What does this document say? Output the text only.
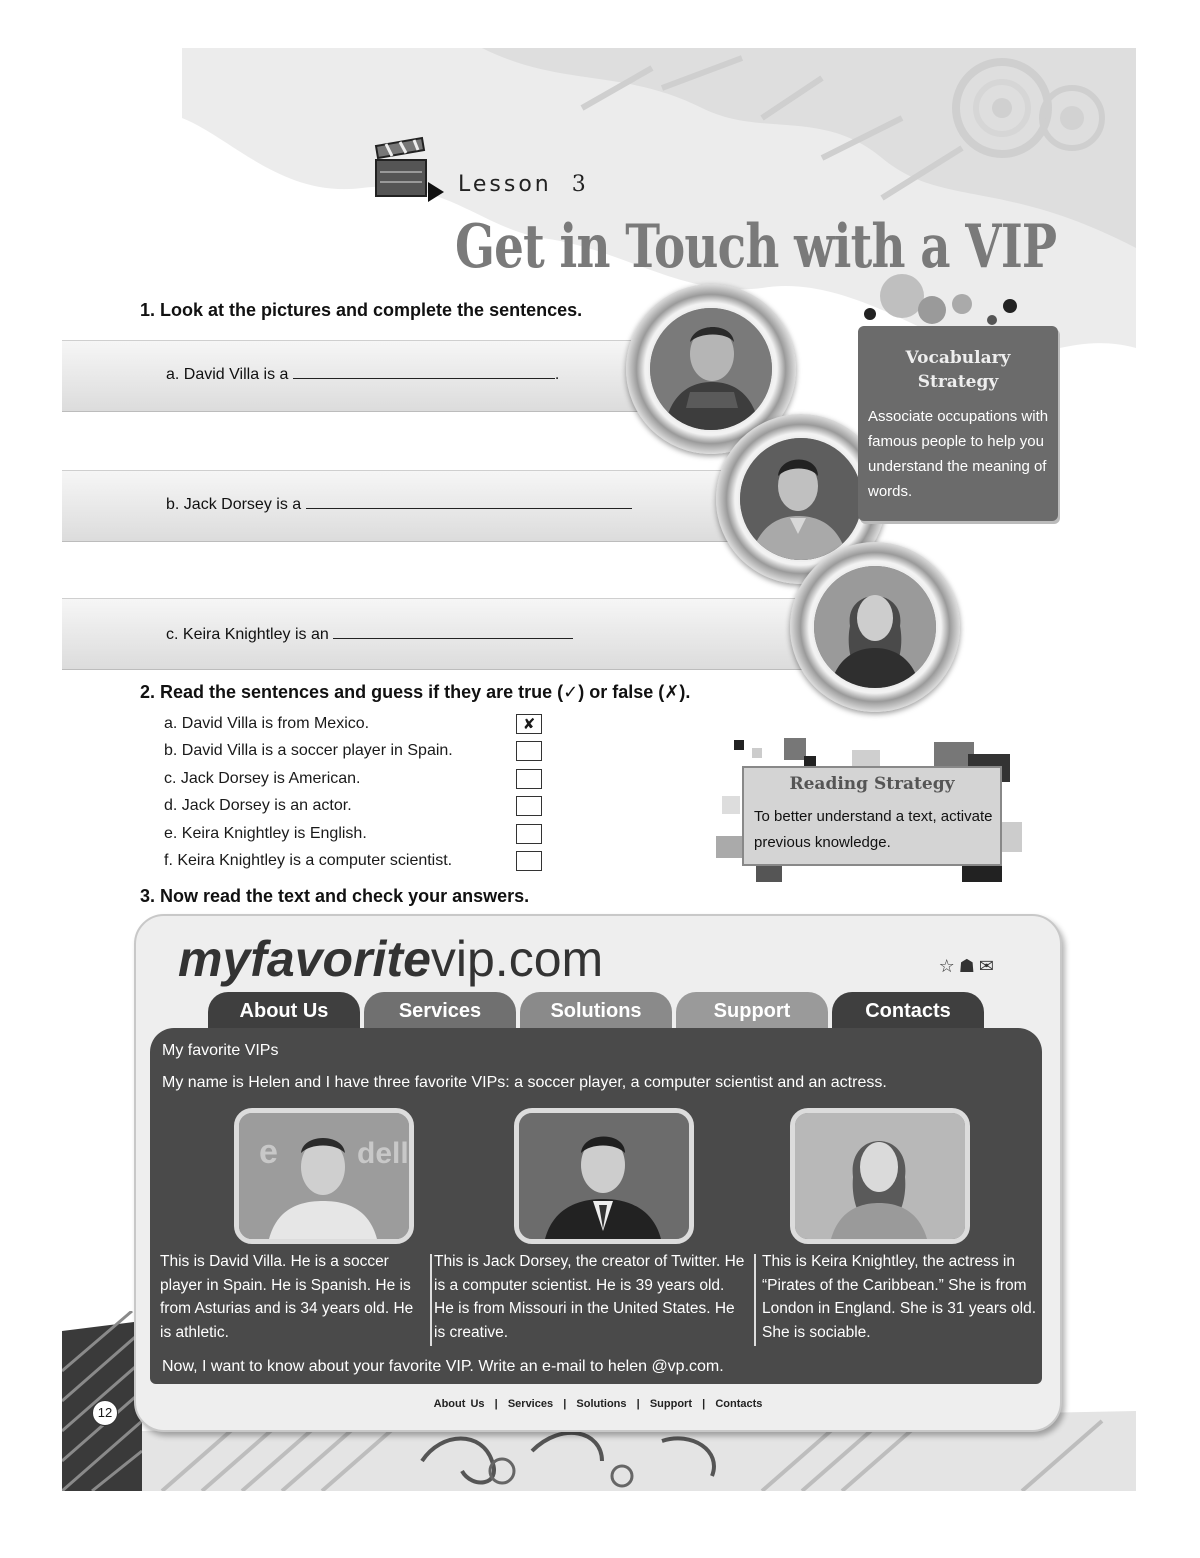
Lesson 3
Get in Touch with a VIP
1. Look at the pictures and complete the sentences.
a. David Villa is a	.
b. Jack Dorsey is a
c. Keira Knightley is an
Vocabulary Strategy
Associate occupations with famous people to help you understand the meaning of words.
2. Read the sentences and guess if they are true (✓) or false (✗).
a. David Villa is from Mexico.	✘
b. David Villa is a soccer player in Spain.
c. Jack Dorsey is American.
d. Jack Dorsey is an actor.
e. Keira Knightley is English.
f. Keira Knightley is a computer scientist.
Reading Strategy
To better understand a text, activate previous knowledge.
3. Now read the text and check your answers.
myfavoritevip.com	☆☗✉
About Us	Services	Solutions	Support	Contacts
My favorite VIPs
My name is Helen and I have three favorite VIPs: a soccer player, a computer scientist and an actress.
e	dell
This is David Villa. He is a soccer player in Spain. He is Spanish. He is from Asturias and is 34 years old. He is athletic.
This is Jack Dorsey, the creator of Twitter. He is a computer scientist. He is 39 years old. He is from Missouri in the United States. He is creative.
This is Keira Knightley, the actress in “Pirates of the Caribbean.” She is from London in England. She is 31 years old. She is sociable.
Now, I want to know about your favorite VIP. Write an e-mail to helen @vp.com.
About Us  |  Services  |  Solutions  |  Support  |  Contacts
12
